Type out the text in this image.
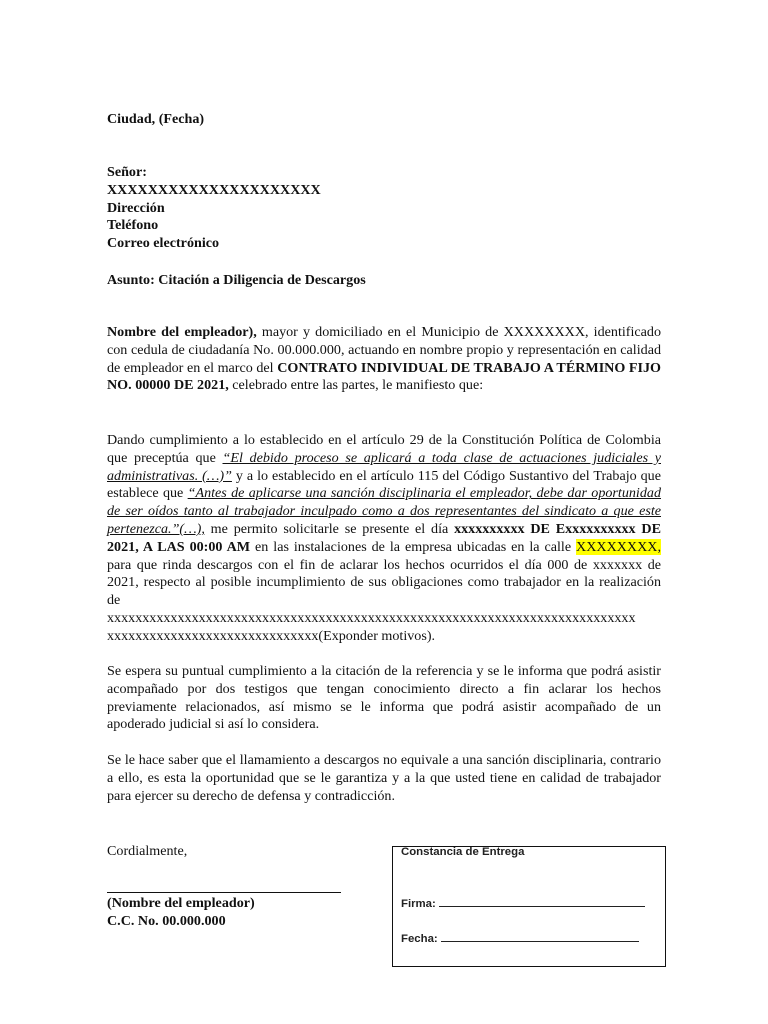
Ciudad, (Fecha)
Señor:
XXXXXXXXXXXXXXXXXXXXX
Dirección
Teléfono
Correo electrónico
Asunto: Citación a Diligencia de Descargos
Nombre del empleador), mayor y domiciliado en el Municipio de XXXXXXXX, identificado con cedula de ciudadanía No. 00.000.000, actuando en nombre propio y representación en calidad de empleador en el marco del CONTRATO INDIVIDUAL DE TRABAJO A TÉRMINO FIJO NO. 00000 DE 2021, celebrado entre las partes, le manifiesto que:
Dando cumplimiento a lo establecido en el artículo 29 de la Constitución Política de Colombia que preceptúa que “El debido proceso se aplicará a toda clase de actuaciones judiciales y administrativas. (…)” y a lo establecido en el artículo 115 del Código Sustantivo del Trabajo que establece que “Antes de aplicarse una sanción disciplinaria el empleador, debe dar oportunidad de ser oídos tanto al trabajador inculpado como a dos representantes del sindicato a que este pertenezca.”(…), me permito solicitarle se presente el día xxxxxxxxxx DE Exxxxxxxxxx DE 2021, A LAS 00:00 AM en las instalaciones de la empresa ubicadas en la calle XXXXXXXX, para que rinda descargos con el fin de aclarar los hechos ocurridos el día 000 de xxxxxxx de 2021, respecto al posible incumplimiento de sus obligaciones como trabajador en la realización de
xxxxxxxxxxxxxxxxxxxxxxxxxxxxxxxxxxxxxxxxxxxxxxxxxxxxxxxxxxxxxxxxxxxxxxxxxxx
xxxxxxxxxxxxxxxxxxxxxxxxxxxxxx(Exponder motivos).
Se espera su puntual cumplimiento a la citación de la referencia y se le informa que podrá asistir acompañado por dos testigos que tengan conocimiento directo a fin aclarar los hechos previamente relacionados, así mismo se le informa que podrá asistir acompañado de un apoderado judicial si así lo considera.
Se le hace saber que el llamamiento a descargos no equivale a una sanción disciplinaria, contrario a ello, es esta la oportunidad que se le garantiza y a la que usted tiene en calidad de trabajador para ejercer su derecho de defensa y contradicción.
Cordialmente,
(Nombre del empleador)
C.C. No. 00.000.000
Constancia de Entrega
Firma:
Fecha:
